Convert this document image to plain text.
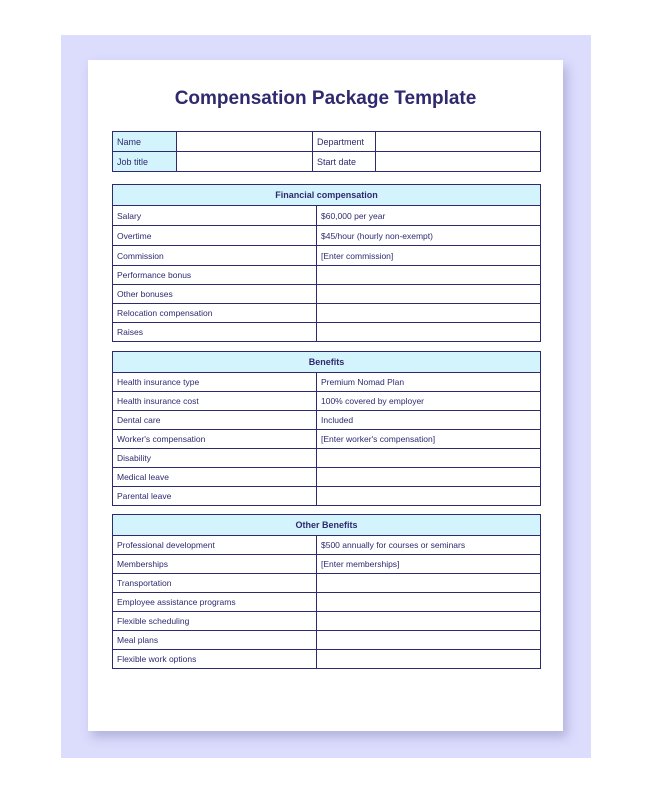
Compensation Package Template
Name		Department	
Job title		Start date	
Financial compensation	
Salary	$60,000 per year
Overtime	$45/hour (hourly non-exempt)
Commission	[Enter commission]
Performance bonus	
Other bonuses	
Relocation compensation	
Raises	
Benefits	
Health insurance type	Premium Nomad Plan
Health insurance cost	100% covered by employer
Dental care	Included
Worker's compensation	[Enter worker's compensation]
Disability	
Medical leave	
Parental leave	
Other Benefits	
Professional development	$500 annually for courses or seminars
Memberships	[Enter memberships]
Transportation	
Employee assistance programs	
Flexible scheduling	
Meal plans	
Flexible work options	
